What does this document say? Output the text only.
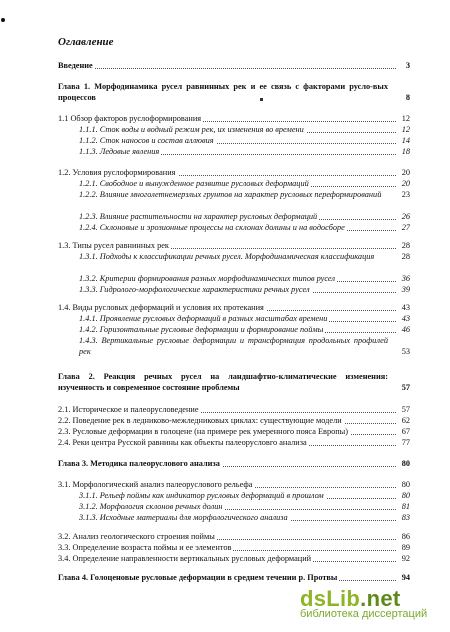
Оглавление
Введение	3
Глава 1. Морфодинамика русел равнинных рек и ее связь с факторами русло-вых процессов	8
1.1 Обзор факторов руслоформирования	12
1.1.1. Сток воды и водный режим рек, их изменения во времени	12
1.1.2. Сток наносов и состав аллювия	14
1.1.3. Ледовые явления	18
1.2. Условия руслоформирования	20
1.2.1. Свободное и вынужденное развитие русловых деформаций	20
1.2.2. Влияние многолетнемерзлых грунтов на характер русловых переформирований	23
1.2.3. Влияние растительности на характер русловых деформаций	26
1.2.4. Склоновые и эрозионные процессы на склонах долины и на водосборе	27
1.3. Типы русел равнинных рек	28
1.3.1. Подходы к классификации речных русел. Морфодинамическая классификация	28
1.3.2. Критерии формирования разных морфодинамических типов русел	36
1.3.3. Гидролого-морфологические характеристики речных русел	39
1.4. Виды русловых деформаций и условия их протекания	43
1.4.1. Проявление русловых деформаций в разных масштабах времени	43
1.4.2. Горизонтальные русловые деформации и формирование поймы	46
1.4.3. Вертикальные русловые деформации и трансформация продольных профилей рек	53
Глава 2. Реакция речных русел на ландшафтно-климатические изменения: изученность и современное состояние проблемы	57
2.1. Историческое и палеорусловедение	57
2.2. Поведение рек в ледниково-межледниковых циклах: существующие модели	62
2.3. Русловые деформации в голоцене (на примере рек умеренного пояса Европы)	67
2.4. Реки центра Русской равнины как объекты палеорусловго анализа	77
Глава 3. Методика палеоруслового анализа	80
3.1. Морфологический анализ палеоруслового рельефа	80
3.1.1. Рельеф поймы как индикатор русловых деформаций в прошлом	80
3.1.2. Морфология склонов речных долин	81
3.1.3. Исходные материалы для морфологического анализа	83
3.2. Анализ геологического строения поймы	86
3.3. Определение возраста поймы и ее элементов	89
3.4. Определение направленности вертикальных русловых деформаций	92
Глава 4. Голоценовые русловые деформации в среднем течении р. Протвы	94
dsLib.net
библиотека диссертаций
